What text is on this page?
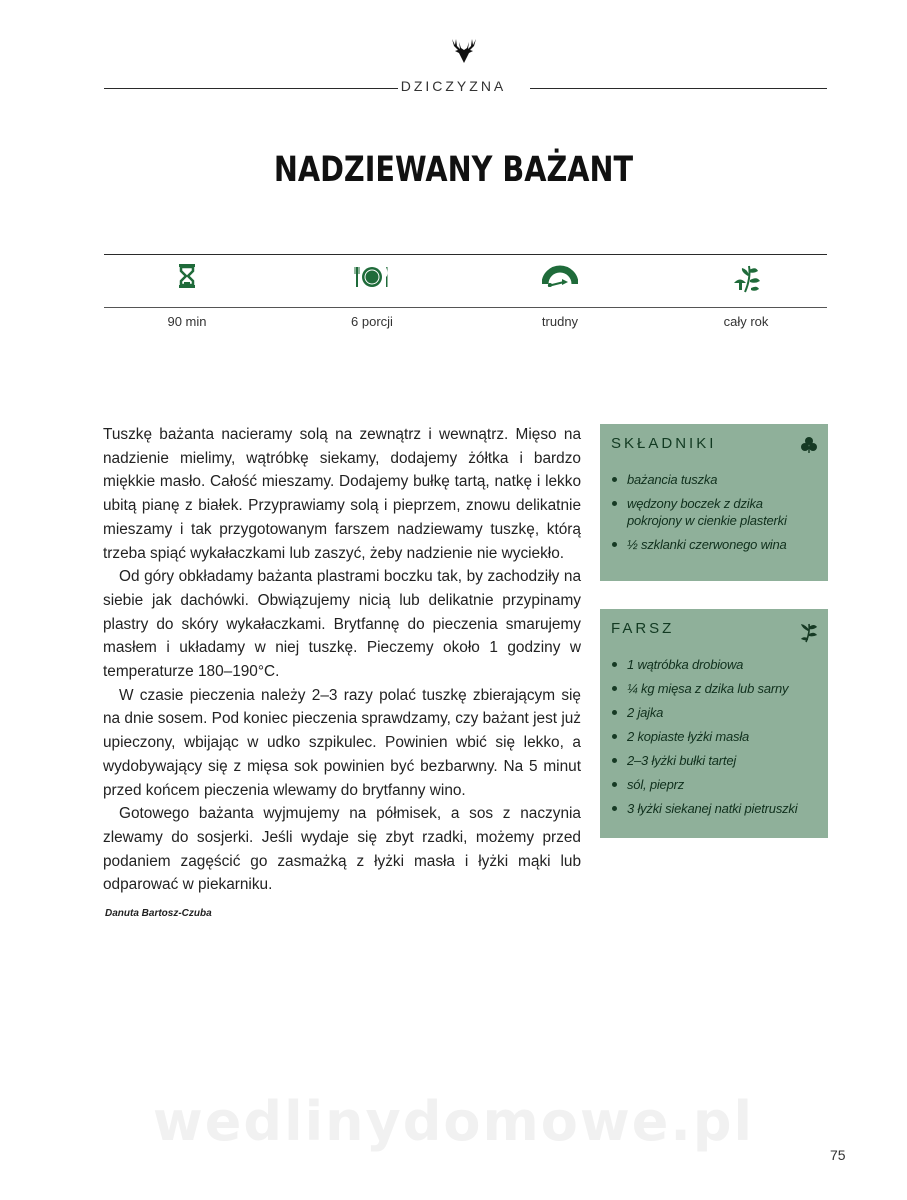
DZICZYZNA
NADZIEWANY BAŻANT
90 min	6 porcji	trudny	cały rok

Tuszkę bażanta nacieramy solą na zewnątrz i wewnątrz. Mięso na nadzienie mielimy, wątróbkę siekamy, dodajemy żółtka i bardzo miękkie masło. Całość mieszamy. Dodajemy bułkę tartą, natkę i lekko ubitą pianę z białek. Przyprawiamy solą i pieprzem, znowu delikatnie mieszamy i tak przygotowanym farszem nadziewamy tuszkę, którą trzeba spiąć wykałaczkami lub zaszyć, żeby nadzienie nie wyciekło.

Od góry obkładamy bażanta plastrami boczku tak, by zachodziły na siebie jak dachówki. Obwiązujemy nicią lub delikatnie przypinamy plastry do skóry wykałaczkami. Brytfannę do pieczenia smarujemy masłem i układamy w niej tuszkę. Pieczemy około 1 godziny w temperaturze 180–190°C.

W czasie pieczenia należy 2–3 razy polać tuszkę zbierającym się na dnie sosem. Pod koniec pieczenia sprawdzamy, czy bażant jest już upieczony, wbijając w udko szpikulec. Powinien wbić się lekko, a wydobywający się z mięsa sok powinien być bezbarwny. Na 5 minut przed końcem pieczenia wlewamy do brytfanny wino.

Gotowego bażanta wyjmujemy na półmisek, a sos z naczynia zlewamy do sosjerki. Jeśli wydaje się zbyt rzadki, możemy przed podaniem zagęścić go zasmażką z łyżki masła i łyżki mąki lub odparować w piekarniku.

Danuta Bartosz-Czuba
SKŁADNIKI
bażancia tuszka
wędzony boczek z dzika pokrojony w cienkie plasterki
½ szklanki czerwonego wina
FARSZ
1 wątróbka drobiowa
¼ kg mięsa z dzika lub sarny
2 jajka
2 kopiaste łyżki masła
2–3 łyżki bułki tartej
sól, pieprz
3 łyżki siekanej natki pietruszki
wedlinydomowe.pl
75
